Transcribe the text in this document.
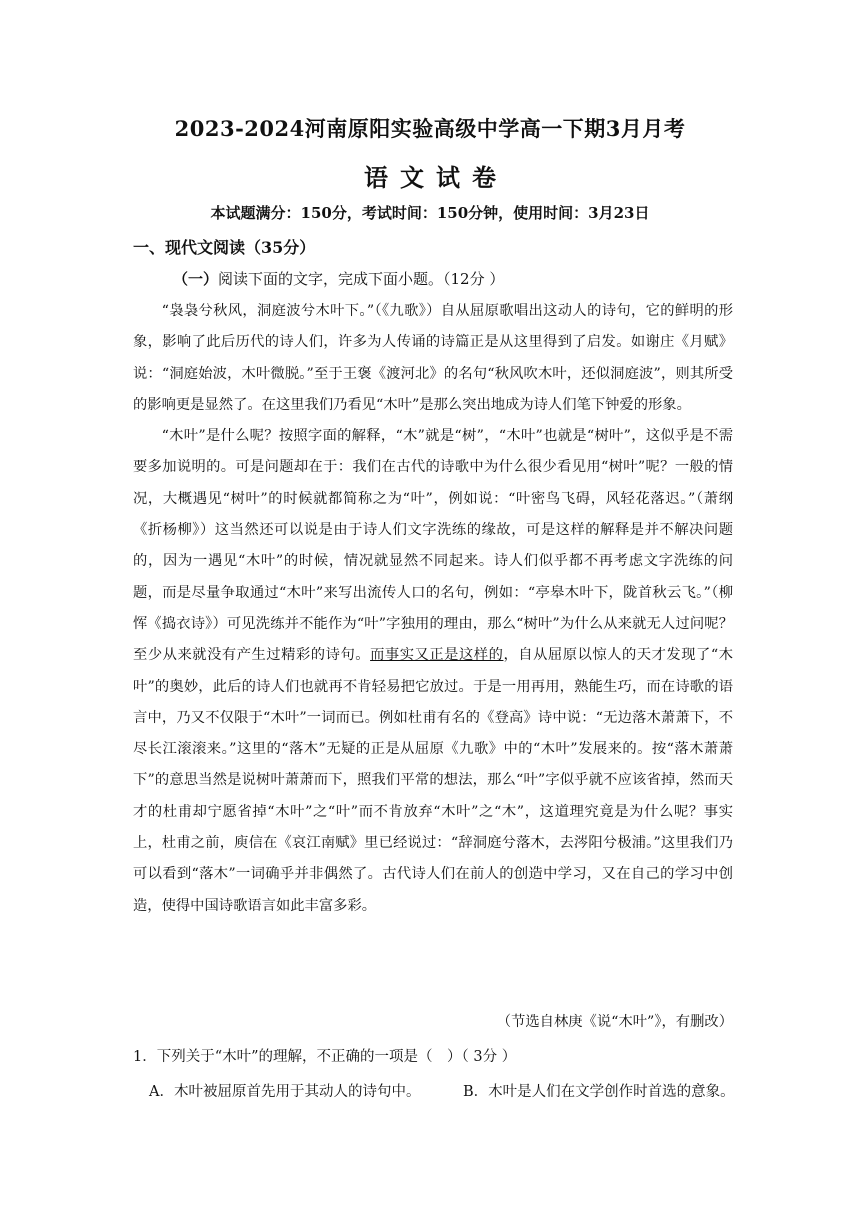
2023-2024河南原阳实验高级中学高一下期3月月考
语文试卷
本试题满分：150分，考试时间：150分钟，使用时间：3月23日
一、现代文阅读（35分）
（一）阅读下面的文字，完成下面小题。（12分 ）

“袅袅兮秋风，洞庭波兮木叶下。”（《九歌》）自从屈原歌唱出这动人的诗句，它的鲜明的形象，影响了此后历代的诗人们，许多为人传诵的诗篇正是从这里得到了启发。如谢庄《月赋》说：“洞庭始波，木叶微脱。”至于王褒《渡河北》的名句“秋风吹木叶，还似洞庭波”，则其所受的影响更是显然了。在这里我们乃看见“木叶”是那么突出地成为诗人们笔下钟爱的形象。

“木叶”是什么呢？按照字面的解释，“木”就是“树”，“木叶”也就是“树叶”，这似乎是不需要多加说明的。可是问题却在于：我们在古代的诗歌中为什么很少看见用“树叶”呢？一般的情况，大概遇见“树叶”的时候就都简称之为“叶”，例如说：“叶密鸟飞碍，风轻花落迟。”（萧纲《折杨柳》）这当然还可以说是由于诗人们文字洗练的缘故，可是这样的解释是并不解决问题的，因为一遇见“木叶”的时候，情况就显然不同起来。诗人们似乎都不再考虑文字洗练的问题，而是尽量争取通过“木叶”来写出流传人口的名句，例如：“亭皋木叶下，陇首秋云飞。”（柳恽《捣衣诗》）可见洗练并不能作为“叶”字独用的理由，那么“树叶”为什么从来就无人过问呢？至少从来就没有产生过精彩的诗句。而事实又正是这样的，自从屈原以惊人的天才发现了“木叶”的奥妙，此后的诗人们也就再不肯轻易把它放过。于是一用再用，熟能生巧，而在诗歌的语言中，乃又不仅限于“木叶”一词而已。例如杜甫有名的《登高》诗中说：“无边落木萧萧下，不尽长江滚滚来。”这里的“落木”无疑的正是从屈原《九歌》中的“木叶”发展来的。按“落木萧萧下”的意思当然是说树叶萧萧而下，照我们平常的想法，那么“叶”字似乎就不应该省掉，然而天才的杜甫却宁愿省掉“木叶”之“叶”而不肯放弃“木叶”之“木”，这道理究竟是为什么呢？事实上，杜甫之前，庾信在《哀江南赋》里已经说过：“辞洞庭兮落木，去涔阳兮极浦。”这里我们乃可以看到“落木”一词确乎并非偶然了。古代诗人们在前人的创造中学习，又在自己的学习中创造，使得中国诗歌语言如此丰富多彩。

（节选自林庚《说“木叶”》，有删改）
1．下列关于“木叶”的理解，不正确的一项是（　）（ 3分 ）
A．木叶被屈原首先用于其动人的诗句中。	B．木叶是人们在文学创作时首选的意象。
